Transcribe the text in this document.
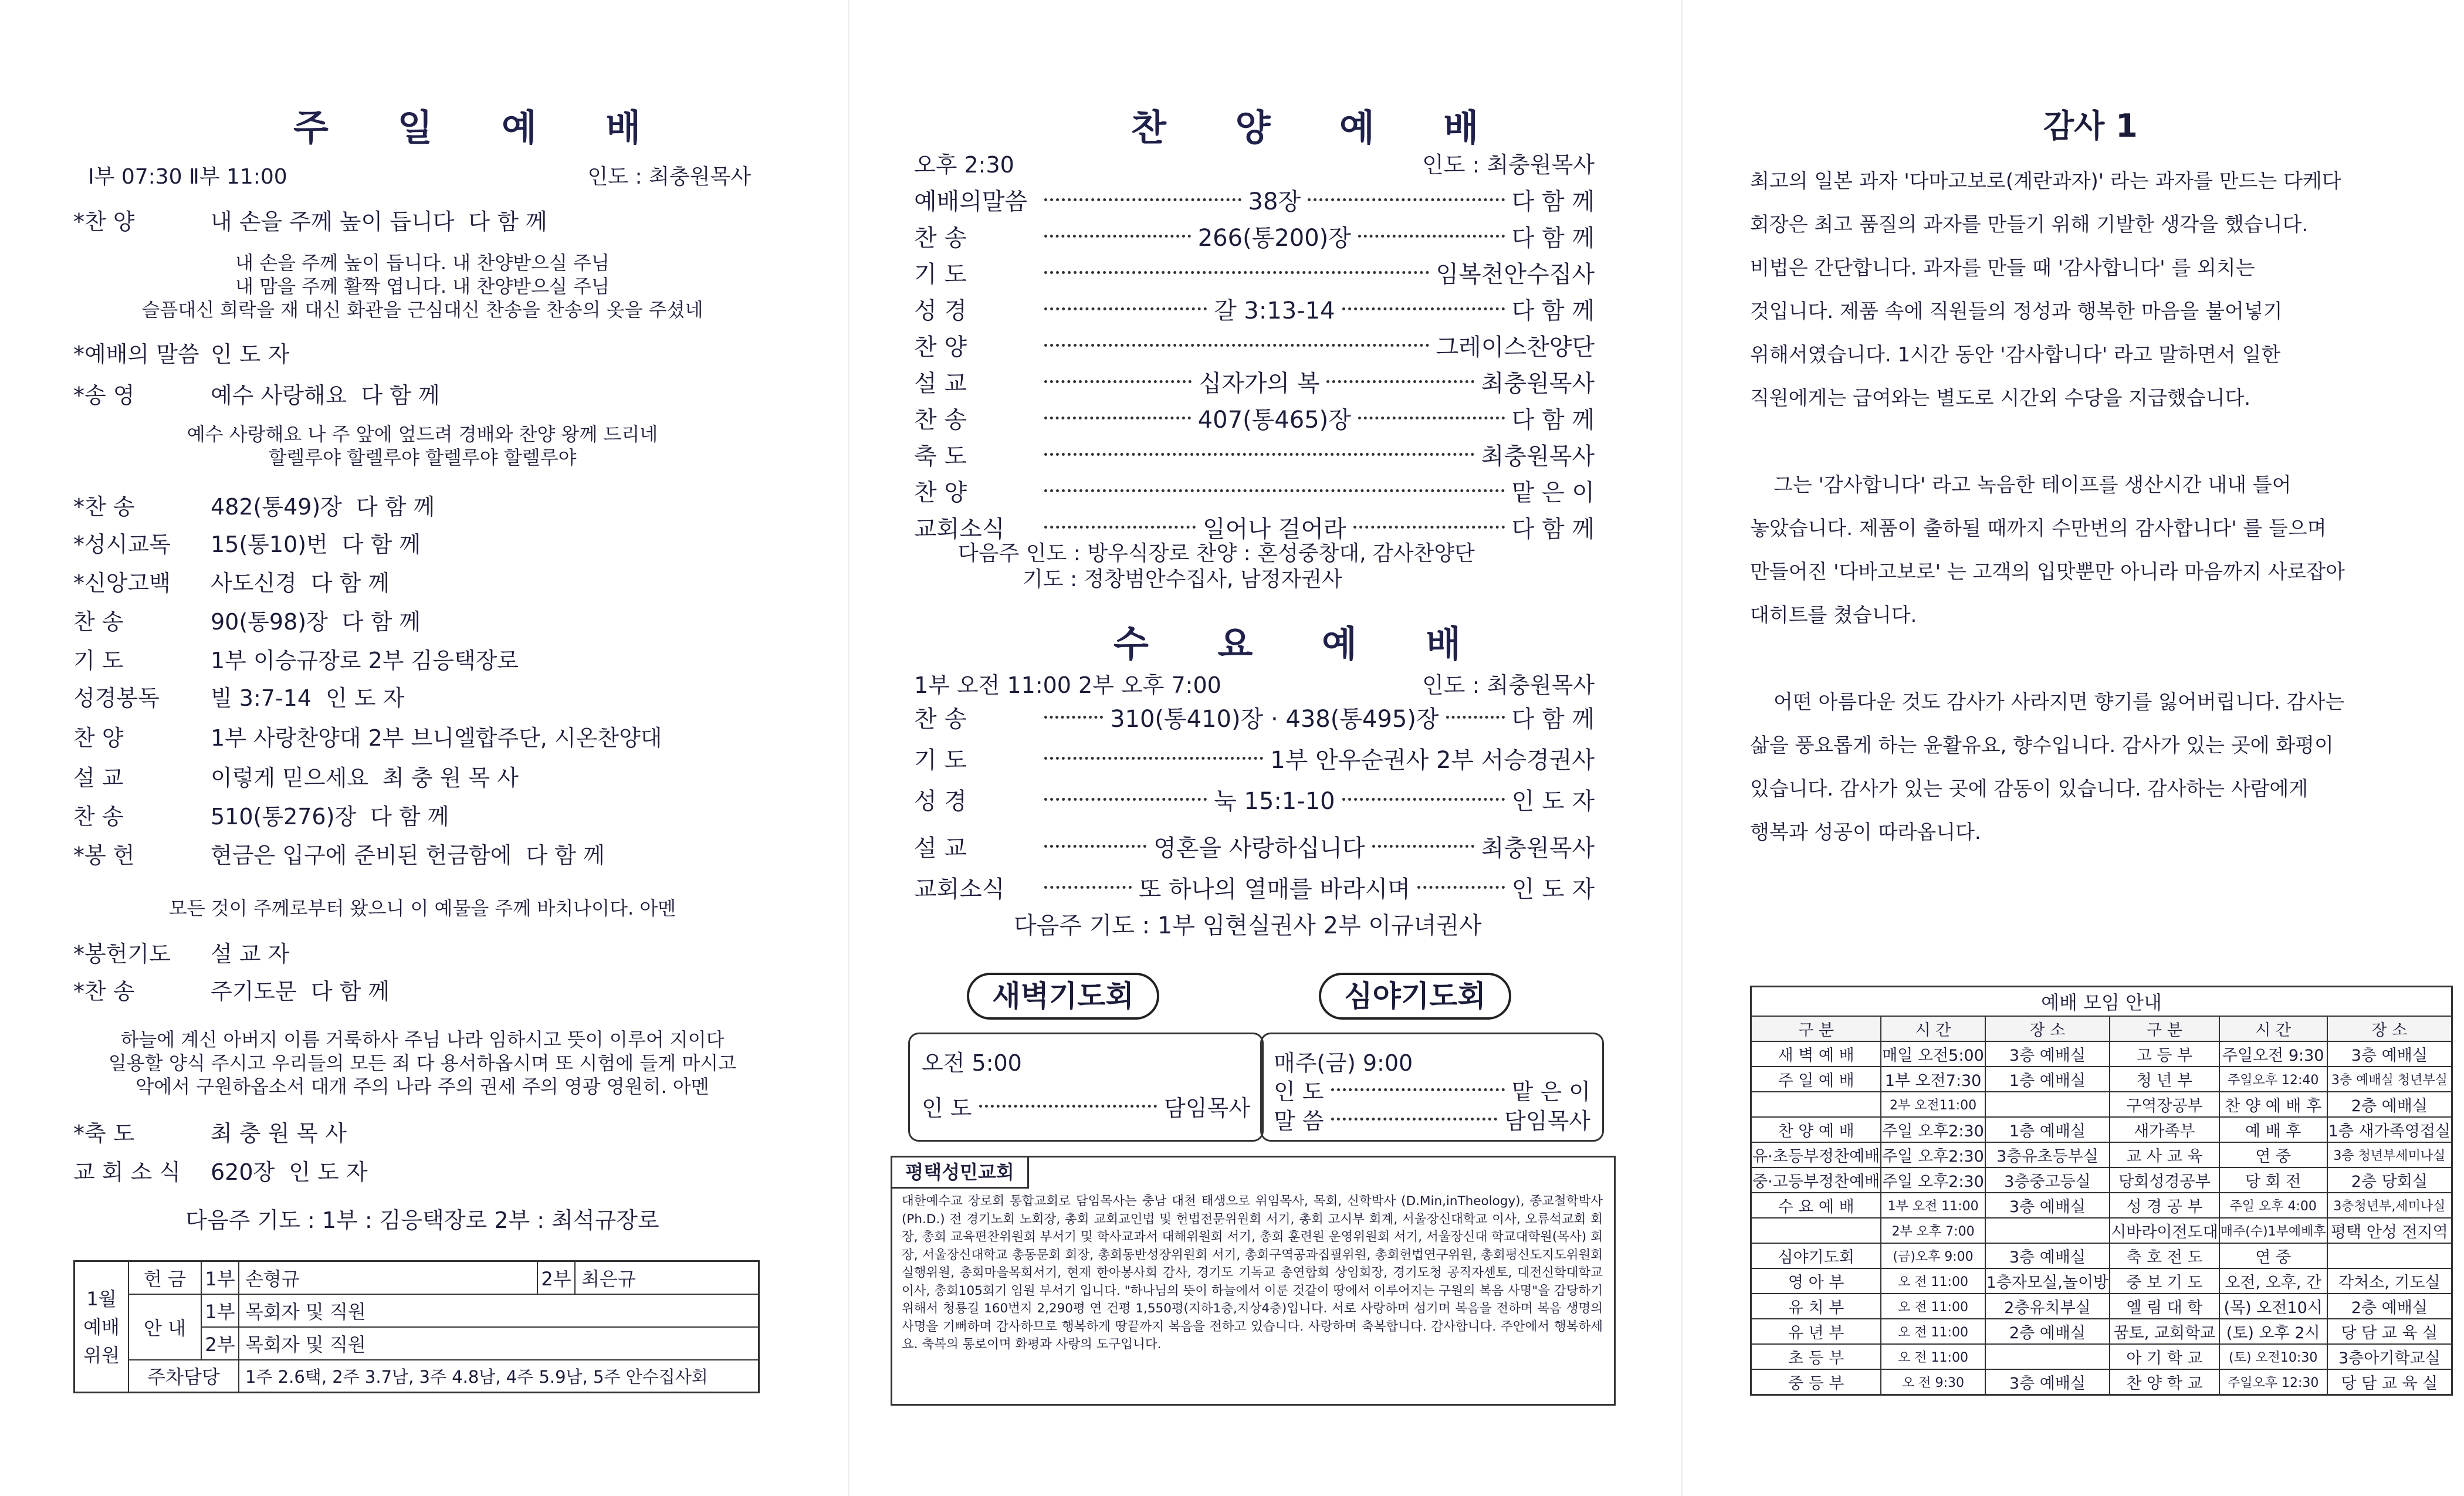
주 일 예 배
Ⅰ부 07:30 Ⅱ부 11:00	인도 : 최충원목사
*찬 양	내 손을 주께 높이 듭니다 다 함 께
*예배의 말씀 인 도 자
*송 영	예수 사랑해요 다 함 께
*찬 송	482(통49)장 다 함 께
*성시교독	15(통10)번 다 함 께
*신앙고백	사도신경 다 함 께
찬 송	90(통98)장 다 함 께
기 도	1부 이승규장로 2부 김응택장로
성경봉독	빌 3:7-14 인 도 자
찬 양	1부 사랑찬양대 2부 브니엘합주단, 시온찬양대
설 교	이렇게 믿으세요 최 충 원 목 사
찬 송	510(통276)장 다 함 께
*봉 헌	현금은 입구에 준비된 헌금함에 다 함 께
*봉헌기도	설 교 자
*찬 송	주기도문 다 함 께
*축 도	최 충 원 목 사
교 회 소 식	620장 인 도 자
내 손을 주께 높이 듭니다. 내 찬양받으실 주님
내 맘을 주께 활짝 엽니다. 내 찬양받으실 주님
슬픔대신 희락을 재 대신 화관을 근심대신 찬송을 찬송의 옷을 주셨네
예수 사랑해요 나 주 앞에 엎드려 경배와 찬양 왕께 드리네
할렐루야 할렐루야 할렐루야 할렐루야
모든 것이 주께로부터 왔으니 이 예물을 주께 바치나이다. 아멘
하늘에 계신 아버지 이름 거룩하사 주님 나라 임하시고 뜻이 이루어 지이다
일용할 양식 주시고 우리들의 모든 죄 다 용서하옵시며 또 시험에 들게 마시고
악에서 구원하옵소서 대개 주의 나라 주의 권세 주의 영광 영원히. 아멘
다음주 기도 : 1부 : 김응택장로 2부 : 최석규장로
1월
예배
위원	헌 금	1부	손형규	2부	최은규
	안 내	1부	목회자 및 직원		
		2부	목회자 및 직원		
	주차담당		1주 2.6택, 2주 3.7남, 3주 4.8남, 4주 5.9남, 5주 안수집사회		
찬 양 예 배
오후 2:30	인도 : 최충원목사
예배의말씀	38장	다 함 께
찬 송	266(통200)장	다 함 께
기 도	임복천안수집사
성 경	갈 3:13-14	다 함 께
찬 양	그레이스찬양단
설 교	십자가의 복	최충원목사
찬 송	407(통465)장	다 함 께
축 도	최충원목사
찬 양	맡 은 이
교회소식	일어나 걸어라	다 함 께
다음주 인도 : 방우식장로 찬양 : 혼성중창대, 감사찬양단
기도 : 정창범안수집사, 남정자권사
수 요 예 배
1부 오전 11:00 2부 오후 7:00	인도 : 최충원목사
찬 송	310(통410)장 · 438(통495)장	다 함 께
기 도	1부 안우순권사 2부 서승경권사
성 경	눅 15:1-10	인 도 자
설 교	영혼을 사랑하십니다	최충원목사
교회소식	또 하나의 열매를 바라시며	인 도 자
다음주 기도 : 1부 임현실권사 2부 이규녀권사
새벽기도회
오전 5:00
인 도	담임목사
심야기도회
매주(금) 9:00
인 도	맡 은 이
말 씀	담임목사
평택성민교회
대한예수교 장로회 통합교회로 담임목사는 충남 대천 태생으로 위임목사, 목회, 신학박사 (D.Min,inTheology), 종교철학박사(Ph.D.) 전 경기노회 노회장, 총회 교회교인법 및 헌법전문위원회 서기, 총회 고시부 회계, 서울장신대학교 이사, 오류석교회 회장, 총회 교육편찬위원회 부서기 및 학사교과서 대해위원회 서기, 총회 훈련원 운영위원회 서기, 서울장신대 학교대학원(목사) 회장, 서울장신대학교 총동문회 회장, 총회동반성장위원회 서기, 총회구역공과집필위원, 총회헌법연구위원, 총회평신도지도위원회 실행위원, 총회마을목회서기, 현재 한아봉사회 감사, 경기도 기독교 총연합회 상임회장, 경기도청 공직자센토, 대전신학대학교 이사, 총회105회기 임원 부서기 입니다. "하나님의 뜻이 하늘에서 이룬 것같이 땅에서 이루어지는 구원의 복음 사명"을 감당하기 위해서 청룡길 160번지 2,290평 연 건평 1,550평(지하1층,지상4층)입니다. 서로 사랑하며 섬기며 복음을 전하며 복음 생명의 사명을 기뻐하며 감사하므로 행복하게 땅끝까지 복음을 전하고 있습니다. 사랑하며 축복합니다. 감사합니다. 주안에서 행복하세요. 축복의 통로이며 화평과 사랑의 도구입니다.
감사 1
최고의 일본 과자 '다마고보로(계란과자)' 라는 과자를 만드는 다케다
회장은 최고 품질의 과자를 만들기 위해 기발한 생각을 했습니다.
비법은 간단합니다. 과자를 만들 때 '감사합니다' 를 외치는
것입니다. 제품 속에 직원들의 정성과 행복한 마음을 불어넣기
위해서였습니다. 1시간 동안 '감사합니다' 라고 말하면서 일한
직원에게는 급여와는 별도로 시간외 수당을 지급했습니다.
그는 '감사합니다' 라고 녹음한 테이프를 생산시간 내내 틀어
놓았습니다. 제품이 출하될 때까지 수만번의 감사합니다' 를 들으며
만들어진 '다바고보로' 는 고객의 입맛뿐만 아니라 마음까지 사로잡아
대히트를 쳤습니다.
어떤 아름다운 것도 감사가 사라지면 향기를 잃어버립니다. 감사는
삶을 풍요롭게 하는 윤활유요, 향수입니다. 감사가 있는 곳에 화평이
있습니다. 감사가 있는 곳에 감동이 있습니다. 감사하는 사람에게
행복과 성공이 따라옵니다.
예배 모임 안내					
구 분	시 간	장 소	구 분	시 간	장 소
새 벽 예 배	매일 오전5:00	3층 예배실	고 등 부	주일오전 9:30	3층 예배실
주 일 예 배	1부 오전7:30	1층 예배실	청 년 부	주일오후 12:40	3층 예배실 청년부실
	2부 오전11:00		구역장공부	찬 양 예 배 후	2층 예배실
찬 양 예 배	주일 오후2:30	1층 예배실	새가족부	예 배 후	1층 새가족영접실
유·초등부정찬예배	주일 오후2:30	3층유초등부실	교 사 교 육	연 중	3층 청년부세미나실
중·고등부정찬예배	주일 오후2:30	3층중고등실	당회성경공부	당 회 전	2층 당회실
수 요 예 배	1부 오전 11:00	3층 예배실	성 경 공 부	주일 오후 4:00	3층청년부,세미나실
	2부 오후 7:00		시바라이전도대	매주(수)1부예배후	평택 안성 전지역
심야기도회	(금)오후 9:00	3층 예배실	축 호 전 도	연 중	
영 아 부	오 전 11:00	1층자모실,놀이방	중 보 기 도	오전, 오후, 간	각처소, 기도실
유 치 부	오 전 11:00	2층유치부실	엘 림 대 학	(목) 오전10시	2층 예배실
유 년 부	오 전 11:00	2층 예배실	꿈토, 교회학교	(토) 오후 2시	당 담 교 육 실
초 등 부	오 전 11:00		아 기 학 교	(토) 오전10:30	3층아기학교실
중 등 부	오 전 9:30	3층 예배실	찬 양 학 교	주일오후 12:30	당 담 교 육 실
